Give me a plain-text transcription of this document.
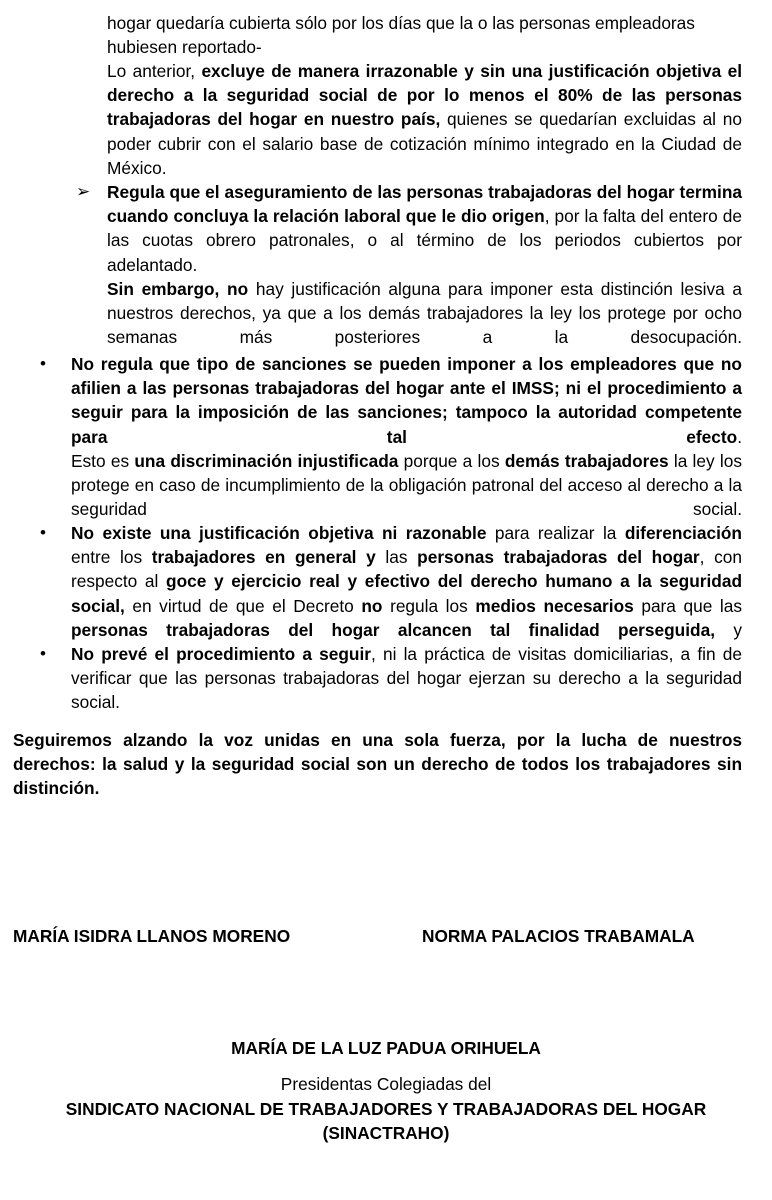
hogar quedaría cubierta sólo por los días que la o las personas empleadoras

hubiesen reportado-

Lo anterior, excluye de manera irrazonable y sin una justificación objetiva el derecho a la seguridad social de por lo menos el 80% de las personas trabajadoras del hogar en nuestro país, quienes se quedarían excluidas al no poder cubrir con el salario base de cotización mínimo integrado en la Ciudad de México.

➢ Regula que el aseguramiento de las personas trabajadoras del hogar termina cuando concluya la relación laboral que le dio origen, por la falta del entero de las cuotas obrero patronales, o al término de los periodos cubiertos por adelantado.

Sin embargo, no hay justificación alguna para imponer esta distinción lesiva a nuestros derechos, ya que a los demás trabajadores la ley los protege por ocho semanas más posteriores a la desocupación.

• No regula que tipo de sanciones se pueden imponer a los empleadores que no afilien a las personas trabajadoras del hogar ante el IMSS; ni el procedimiento a seguir para la imposición de las sanciones; tampoco la autoridad competente para tal efecto.

Esto es una discriminación injustificada porque a los demás trabajadores la ley los protege en caso de incumplimiento de la obligación patronal del acceso al derecho a la seguridad social.

• No existe una justificación objetiva ni razonable para realizar la diferenciación entre los trabajadores en general y las personas trabajadoras del hogar, con respecto al goce y ejercicio real y efectivo del derecho humano a la seguridad social, en virtud de que el Decreto no regula los medios necesarios para que las personas trabajadoras del hogar alcancen tal finalidad perseguida, y

• No prevé el procedimiento a seguir, ni la práctica de visitas domiciliarias, a fin de verificar que las personas trabajadoras del hogar ejerzan su derecho a la seguridad social.

Seguiremos alzando la voz unidas en una sola fuerza, por la lucha de nuestros derechos: la salud y la seguridad social son un derecho de todos los trabajadores sin distinción.

MARÍA ISIDRA LLANOS MORENO	NORMA PALACIOS TRABAMALA
MARÍA DE LA LUZ PADUA ORIHUELA
Presidentas Colegiadas del
SINDICATO NACIONAL DE TRABAJADORES Y TRABAJADORAS DEL HOGAR
(SINACTRAHO)
